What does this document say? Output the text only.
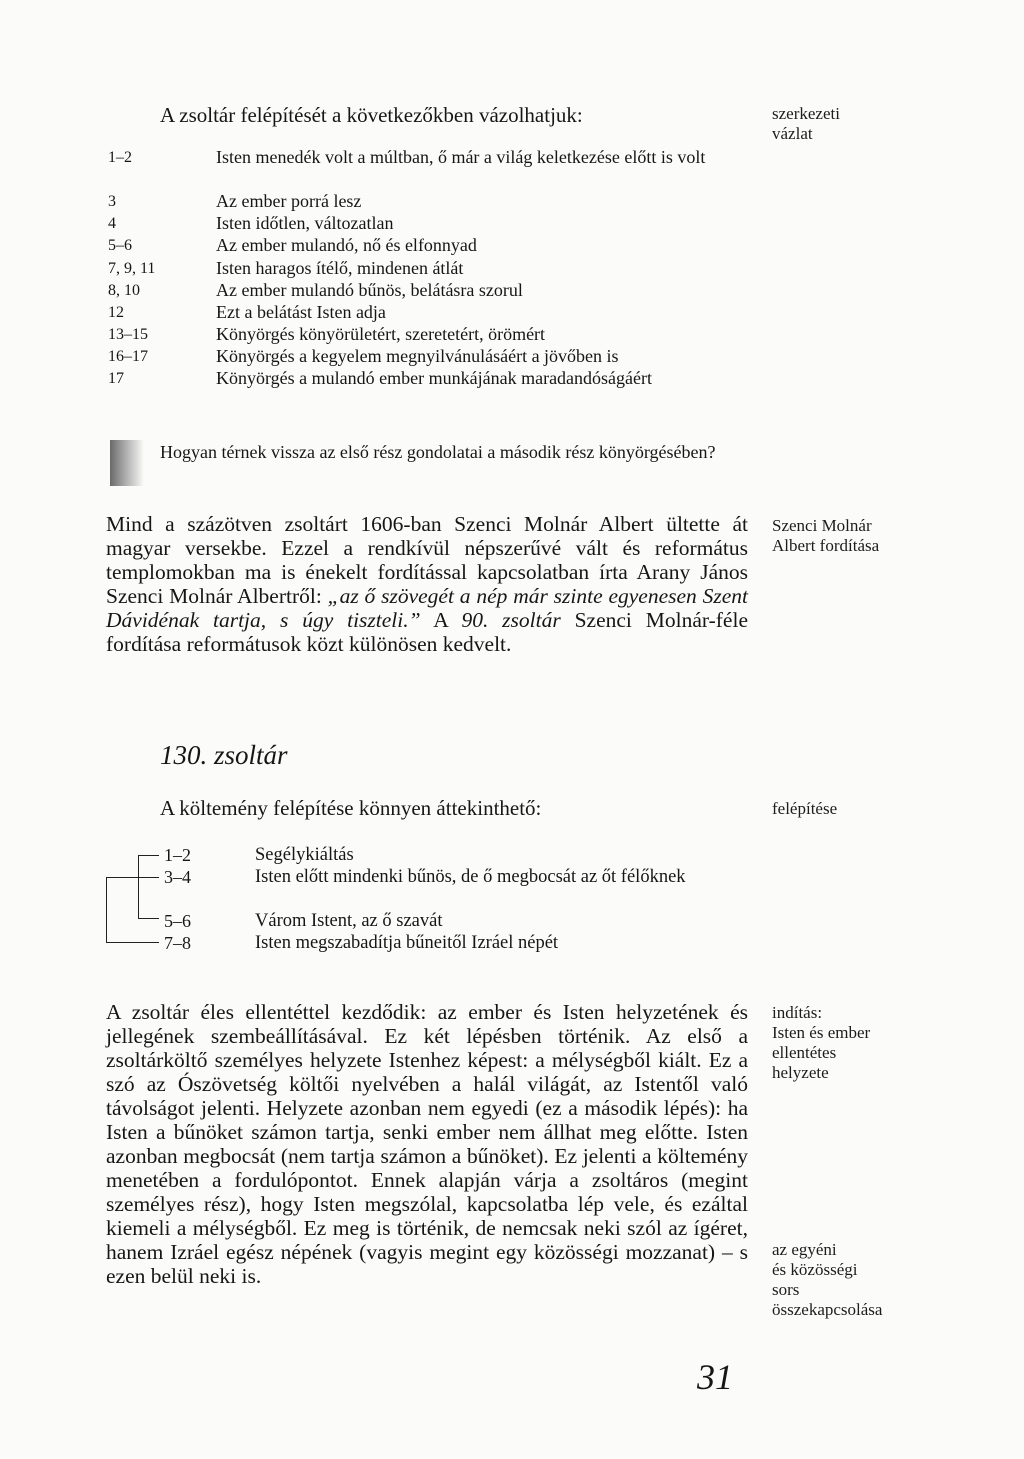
A zsoltár felépítését a következőkben vázolhatjuk:	szerkezeti
vázlat
1–2	Isten menedék volt a múltban, ő már a világ keletkezése előtt is volt
3	Az ember porrá lesz
4	Isten időtlen, változatlan
5–6	Az ember mulandó, nő és elfonnyad
7, 9, 11	Isten haragos ítélő, mindenen átlát
8, 10	Az ember mulandó bűnös, belátásra szorul
12	Ezt a belátást Isten adja
13–15	Könyörgés könyörületért, szeretetért, örömért
16–17	Könyörgés a kegyelem megnyilvánulásáért a jövőben is
17	Könyörgés a mulandó ember munkájának maradandóságáért
Hogyan térnek vissza az első rész gondolatai a második rész könyörgésében?

Mind a százötven zsoltárt 1606-ban Szenci Molnár Albert ültette át magyar versekbe. Ezzel a rendkívül népszerűvé vált és református templomokban ma is énekelt fordítással kapcsolatban írta Arany János Szenci Molnár Albertről: „az ő szövegét a nép már szinte egyenesen Szent Dávidénak tartja, s úgy tiszteli.” A 90. zsoltár Szenci Molnár-féle fordítása reformátusok közt különösen kedvelt.

Szenci Molnár
Albert fordítása
130. zsoltár
A költemény felépítése könnyen áttekinthető:	felépítése
1–2	Segélykiáltás
3–4	Isten előtt mindenki bűnös, de ő megbocsát az őt félőknek
5–6	Várom Istent, az ő szavát
7–8	Isten megszabadítja bűneitől Izráel népét

A zsoltár éles ellentéttel kezdődik: az ember és Isten helyzetének és jellegének szembeállításával. Ez két lépésben történik. Az első a zsoltárköltő személyes helyzete Istenhez képest: a mélységből kiált. Ez a szó az Ószövetség költői nyelvében a halál világát, az Istentől való távolságot jelenti. Helyzete azonban nem egyedi (ez a második lépés): ha Isten a bűnöket számon tartja, senki ember nem állhat meg előtte. Isten azonban megbocsát (nem tartja számon a bűnöket). Ez jelenti a költemény menetében a fordulópontot. Ennek alapján várja a zsoltáros (megint személyes rész), hogy Isten megszólal, kapcsolatba lép vele, és ezáltal kiemeli a mélységből. Ez meg is történik, de nemcsak neki szól az ígéret, hanem Izráel egész népének (vagyis megint egy közösségi mozzanat) – s ezen belül neki is.

indítás:
Isten és ember
ellentétes
helyzete
az egyéni
és közösségi
sors
összekapcsolása
31
